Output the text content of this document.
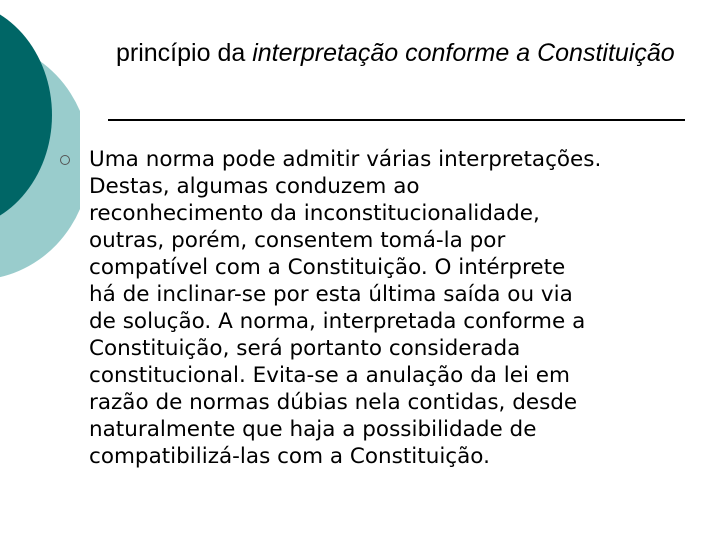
princípio da interpretação conforme a Constituição

Uma norma pode admitir várias interpretações.
Destas, algumas conduzem ao
reconhecimento da inconstitucionalidade,
outras, porém, consentem tomá-la por
compatível com a Constituição. O intérprete
há de inclinar-se por esta última saída ou via
de solução. A norma, interpretada conforme a
Constituição, será portanto considerada
constitucional. Evita-se a anulação da lei em
razão de normas dúbias nela contidas, desde
naturalmente que haja a possibilidade de
compatibilizá-las com a Constituição.
